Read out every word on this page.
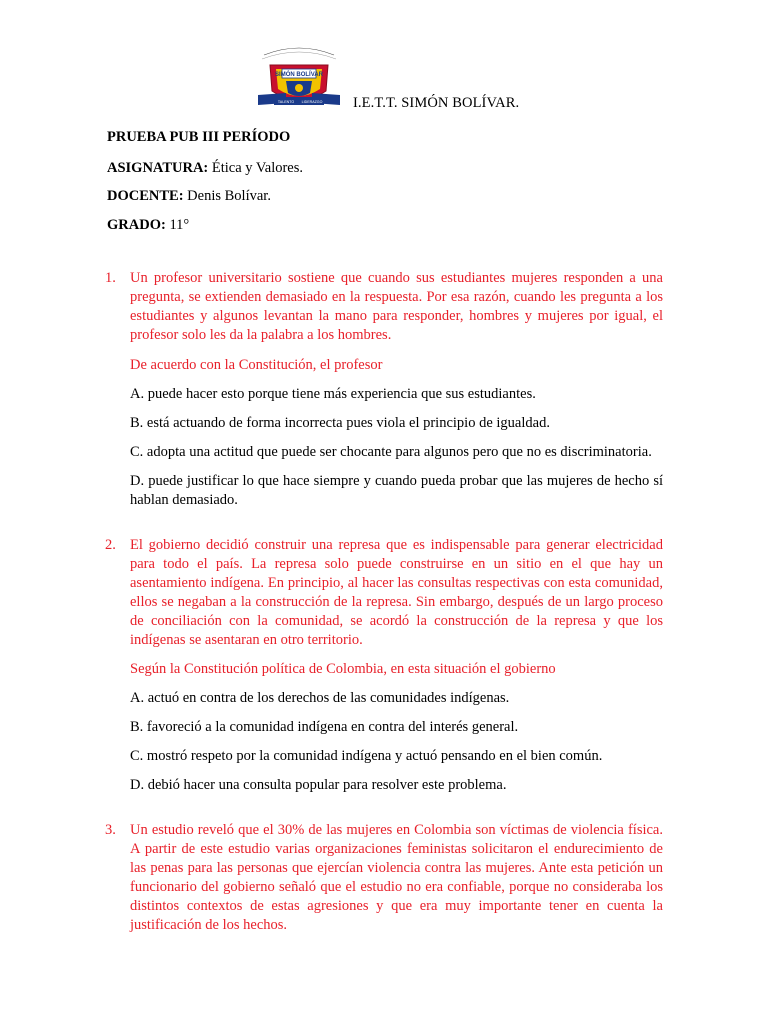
SIMÓN BOLÍVAR
TALENTO LIDERAZGO I.E.T.T. SIMÓN BOLÍVAR.
PRUEBA PUB III PERÍODO
ASIGNATURA: Ética y Valores.
DOCENTE: Denis Bolívar.
GRADO: 11°
1. Un profesor universitario sostiene que cuando sus estudiantes mujeres responden a una pregunta, se extienden demasiado en la respuesta. Por esa razón, cuando les pregunta a los estudiantes y algunos levantan la mano para responder, hombres y mujeres por igual, el profesor solo les da la palabra a los hombres.

De acuerdo con la Constitución, el profesor

A. puede hacer esto porque tiene más experiencia que sus estudiantes.

B. está actuando de forma incorrecta pues viola el principio de igualdad.

C. adopta una actitud que puede ser chocante para algunos pero que no es discriminatoria.

D. puede justificar lo que hace siempre y cuando pueda probar que las mujeres de hecho sí hablan demasiado.

2. El gobierno decidió construir una represa que es indispensable para generar electricidad para todo el país. La represa solo puede construirse en un sitio en el que hay un asentamiento indígena. En principio, al hacer las consultas respectivas con esta comunidad, ellos se negaban a la construcción de la represa. Sin embargo, después de un largo proceso de conciliación con la comunidad, se acordó la construcción de la represa y que los indígenas se asentaran en otro territorio.

Según la Constitución política de Colombia, en esta situación el gobierno

A. actuó en contra de los derechos de las comunidades indígenas.

B. favoreció a la comunidad indígena en contra del interés general.

C. mostró respeto por la comunidad indígena y actuó pensando en el bien común.

D. debió hacer una consulta popular para resolver este problema.

3. Un estudio reveló que el 30% de las mujeres en Colombia son víctimas de violencia física. A partir de este estudio varias organizaciones feministas solicitaron el endurecimiento de las penas para las personas que ejercían violencia contra las mujeres. Ante esta petición un funcionario del gobierno señaló que el estudio no era confiable, porque no consideraba los distintos contextos de estas agresiones y que era muy importante tener en cuenta la justificación de los hechos.
